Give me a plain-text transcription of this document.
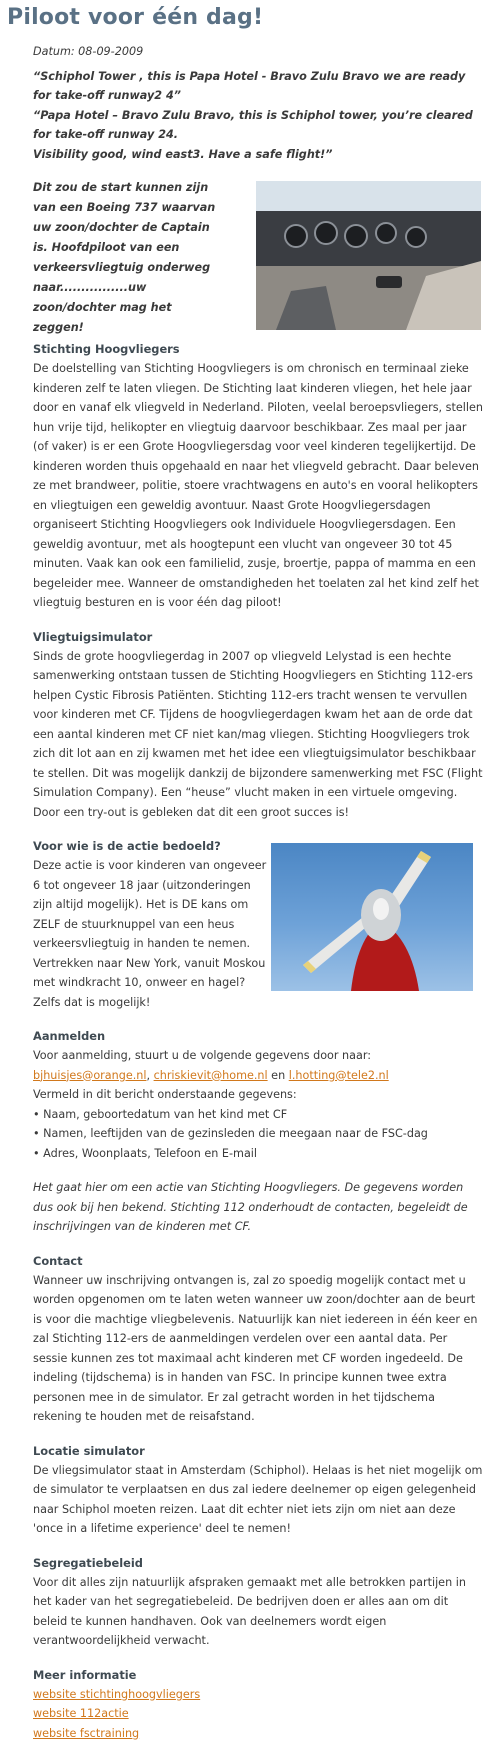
Piloot voor één dag!
Datum: 08-09-2009

“Schiphol Tower , this is Papa Hotel - Bravo Zulu Bravo we are ready for take-off runway2 4”

“Papa Hotel – Bravo Zulu Bravo, this is Schiphol tower, you’re cleared for take-off runway 24.

Visibility good, wind east3. Have a safe flight!”

Dit zou de start kunnen zijn van een Boeing 737 waarvan uw zoon/dochter de Captain is. Hoofdpiloot van een verkeersvliegtuig onderweg naar................uw zoon/dochter mag het zeggen!

Stichting Hoogvliegers

De doelstelling van Stichting Hoogvliegers is om chronisch en terminaal zieke kinderen zelf te laten vliegen. De Stichting laat kinderen vliegen, het hele jaar door en vanaf elk vliegveld in Nederland. Piloten, veelal beroepsvliegers, stellen hun vrije tijd, helikopter en vliegtuig daarvoor beschikbaar. Zes maal per jaar (of vaker) is er een Grote Hoogvliegersdag voor veel kinderen tegelijkertijd. De kinderen worden thuis opgehaald en naar het vliegveld gebracht. Daar beleven ze met brandweer, politie, stoere vrachtwagens en auto's en vooral helikopters en vliegtuigen een geweldig avontuur. Naast Grote Hoogvliegersdagen organiseert Stichting Hoogvliegers ook Individuele Hoogvliegersdagen. Een geweldig avontuur, met als hoogtepunt een vlucht van ongeveer 30 tot 45 minuten. Vaak kan ook een familielid, zusje, broertje, pappa of mamma en een begeleider mee. Wanneer de omstandigheden het toelaten zal het kind zelf het vliegtuig besturen en is voor één dag piloot!

Vliegtuigsimulator

Sinds de grote hoogvliegerdag in 2007 op vliegveld Lelystad is een hechte samenwerking ontstaan tussen de Stichting Hoogvliegers en Stichting 112-ers helpen Cystic Fibrosis Patiënten. Stichting 112-ers tracht wensen te vervullen voor kinderen met CF. Tijdens de hoogvliegerdagen kwam het aan de orde dat een aantal kinderen met CF niet kan/mag vliegen. Stichting Hoogvliegers trok zich dit lot aan en zij kwamen met het idee een vliegtuigsimulator beschikbaar te stellen. Dit was mogelijk dankzij de bijzondere samenwerking met FSC (Flight Simulation Company). Een “heuse” vlucht maken in een virtuele omgeving. Door een try-out is gebleken dat dit een groot succes is!

Voor wie is de actie bedoeld?

Deze actie is voor kinderen van ongeveer 6 tot ongeveer 18 jaar (uitzonderingen zijn altijd mogelijk). Het is DE kans om ZELF de stuurknuppel van een heus verkeersvliegtuig in handen te nemen. Vertrekken naar New York, vanuit Moskou met windkracht 10, onweer en hagel? Zelfs dat is mogelijk!

Aanmelden

Voor aanmelding, stuurt u de volgende gegevens door naar:

bjhuisjes@orange.nl, chriskievit@home.nl en l.hotting@tele2.nl

Vermeld in dit bericht onderstaande gegevens:

• Naam, geboortedatum van het kind met CF
• Namen, leeftijden van de gezinsleden die meegaan naar de FSC-dag
• Adres, Woonplaats, Telefoon en E-mail

Het gaat hier om een actie van Stichting Hoogvliegers. De gegevens worden dus ook bij hen bekend. Stichting 112 onderhoudt de contacten, begeleidt de inschrijvingen van de kinderen met CF.

Contact

Wanneer uw inschrijving ontvangen is, zal zo spoedig mogelijk contact met u worden opgenomen om te laten weten wanneer uw zoon/dochter aan de beurt is voor die machtige vliegbelevenis. Natuurlijk kan niet iedereen in één keer en zal Stichting 112-ers de aanmeldingen verdelen over een aantal data. Per sessie kunnen zes tot maximaal acht kinderen met CF worden ingedeeld. De indeling (tijdschema) is in handen van FSC. In principe kunnen twee extra personen mee in de simulator. Er zal getracht worden in het tijdschema rekening te houden met de reisafstand.

Locatie simulator

De vliegsimulator staat in Amsterdam (Schiphol). Helaas is het niet mogelijk om de simulator te verplaatsen en dus zal iedere deelnemer op eigen gelegenheid naar Schiphol moeten reizen. Laat dit echter niet iets zijn om niet aan deze 'once in a lifetime experience' deel te nemen!

Segregatiebeleid

Voor dit alles zijn natuurlijk afspraken gemaakt met alle betrokken partijen in het kader van het segregatiebeleid. De bedrijven doen er alles aan om dit beleid te kunnen handhaven. Ook van deelnemers wordt eigen verantwoordelijkheid verwacht.

Meer informatie

website stichtinghoogvliegers

website 112actie

website fsctraining
